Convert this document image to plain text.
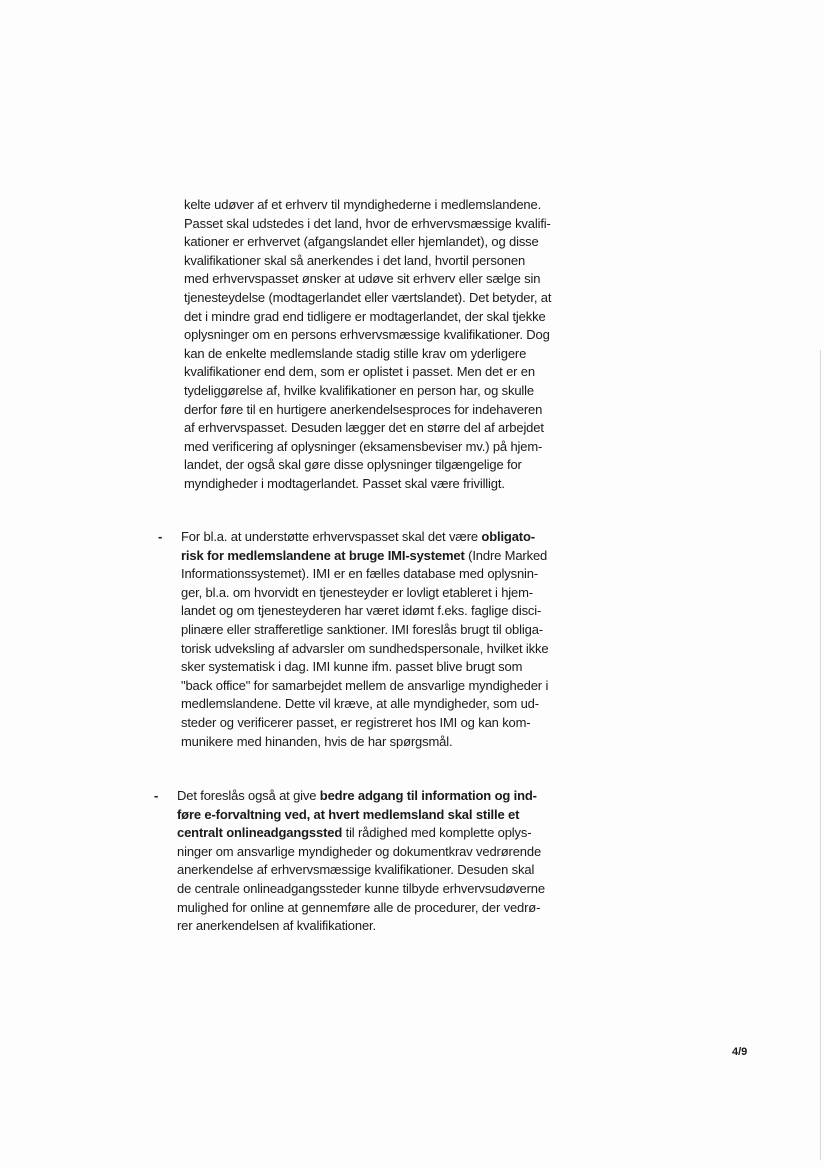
kelte udøver af et erhverv til myndighederne i medlemslandene.
Passet skal udstedes i det land, hvor de erhvervsmæssige kvalifi-
kationer er erhvervet (afgangslandet eller hjemlandet), og disse
kvalifikationer skal så anerkendes i det land, hvortil personen
med erhvervspasset ønsker at udøve sit erhverv eller sælge sin
tjenesteydelse (modtagerlandet eller værtslandet). Det betyder, at
det i mindre grad end tidligere er modtagerlandet, der skal tjekke
oplysninger om en persons erhvervsmæssige kvalifikationer. Dog
kan de enkelte medlemslande stadig stille krav om yderligere
kvalifikationer end dem, som er oplistet i passet. Men det er en
tydeliggørelse af, hvilke kvalifikationer en person har, og skulle
derfor føre til en hurtigere anerkendelsesproces for indehaveren
af erhvervspasset. Desuden lægger det en større del af arbejdet
med verificering af oplysninger (eksamensbeviser mv.) på hjem-
landet, der også skal gøre disse oplysninger tilgængelige for
myndigheder i modtagerlandet. Passet skal være frivilligt.
- For bl.a. at understøtte erhvervspasset skal det være obligato-
risk for medlemslandene at bruge IMI-systemet (Indre Marked
Informationssystemet). IMI er en fælles database med oplysnin-
ger, bl.a. om hvorvidt en tjenesteyder er lovligt etableret i hjem-
landet og om tjenesteyderen har været idømt f.eks. faglige disci-
plinære eller strafferetlige sanktioner. IMI foreslås brugt til obliga-
torisk udveksling af advarsler om sundhedspersonale, hvilket ikke
sker systematisk i dag. IMI kunne ifm. passet blive brugt som
"back office" for samarbejdet mellem de ansvarlige myndigheder i
medlemslandene. Dette vil kræve, at alle myndigheder, som ud-
steder og verificerer passet, er registreret hos IMI og kan kom-
munikere med hinanden, hvis de har spørgsmål.
- Det foreslås også at give bedre adgang til information og ind-
føre e-forvaltning ved, at hvert medlemsland skal stille et
centralt onlineadgangssted til rådighed med komplette oplys-
ninger om ansvarlige myndigheder og dokumentkrav vedrørende
anerkendelse af erhvervsmæssige kvalifikationer. Desuden skal
de centrale onlineadgangssteder kunne tilbyde erhvervsudøverne
mulighed for online at gennemføre alle de procedurer, der vedrø-
rer anerkendelsen af kvalifikationer.
4/9
